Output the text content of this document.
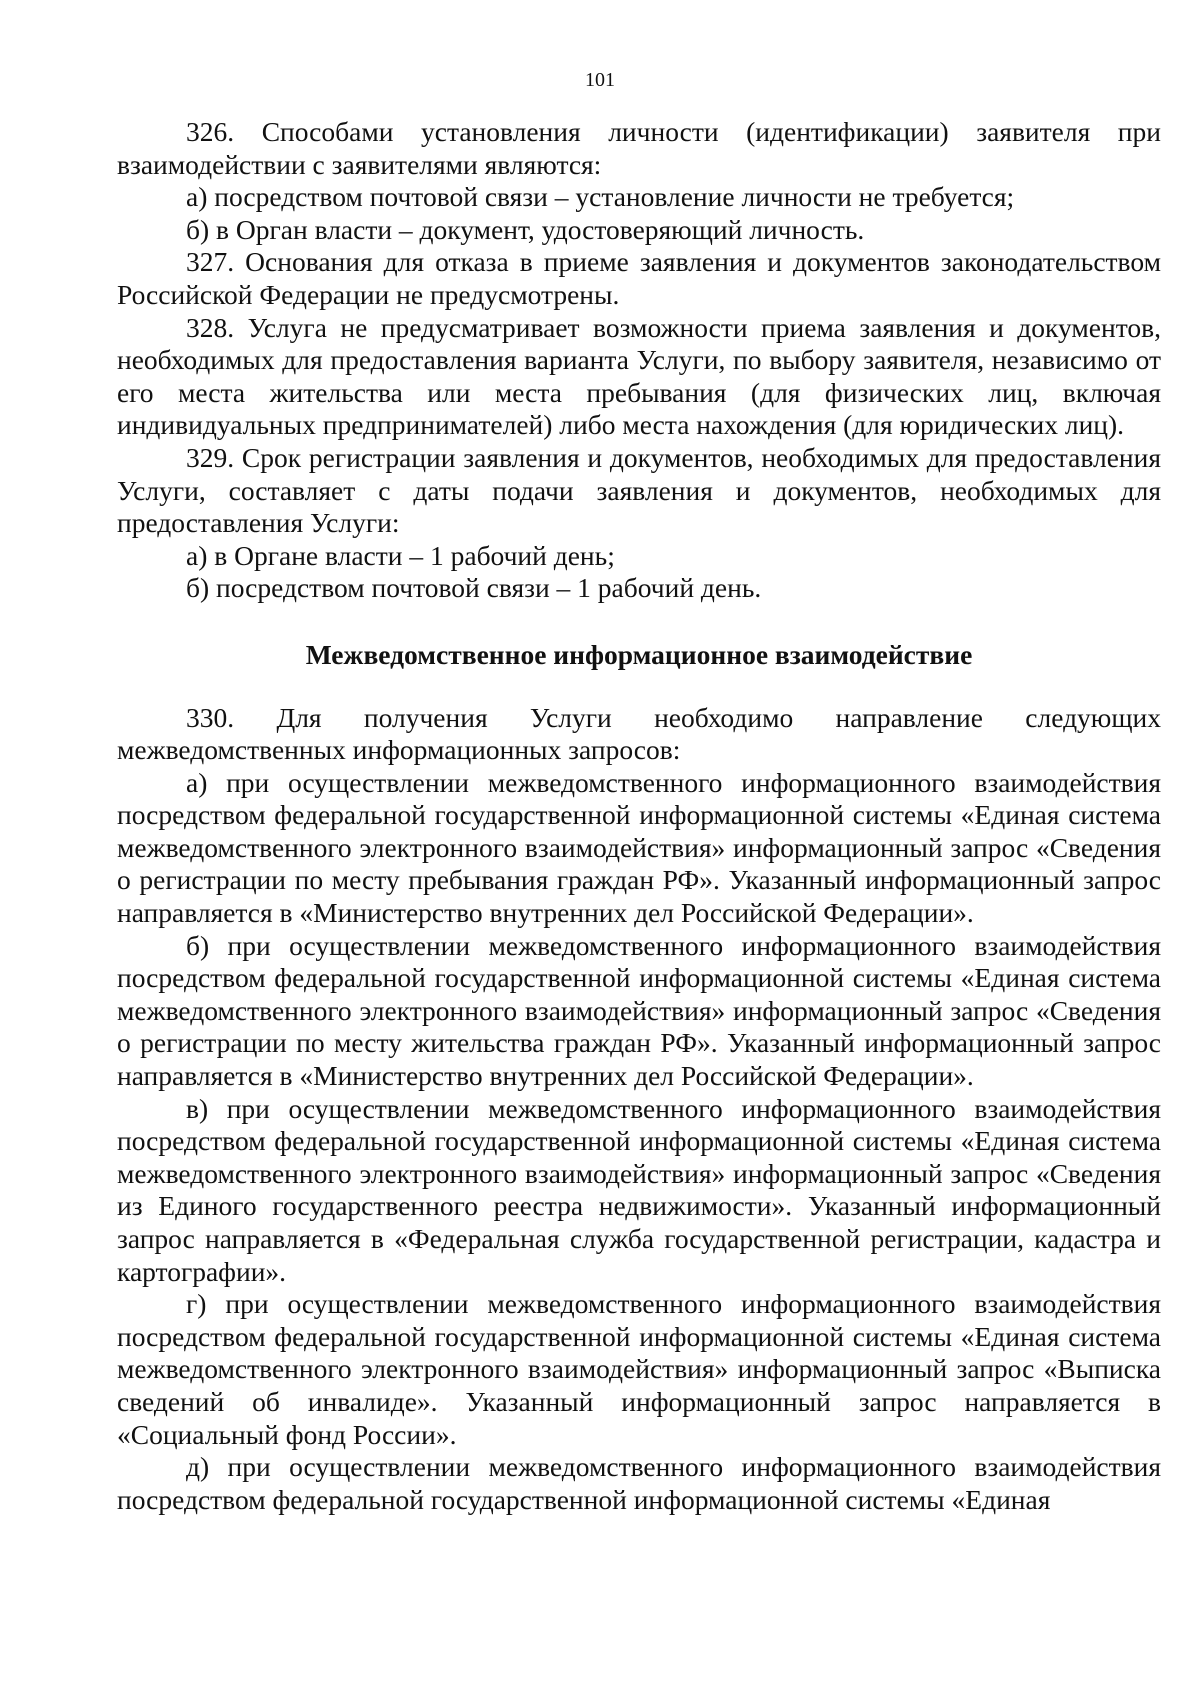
101

326. Способами установления личности (идентификации) заявителя при взаимодействии с заявителями являются:

а) посредством почтовой связи – установление личности не требуется;

б) в Орган власти – документ, удостоверяющий личность.

327. Основания для отказа в приеме заявления и документов законодательством Российской Федерации не предусмотрены.

328. Услуга не предусматривает возможности приема заявления и документов, необходимых для предоставления варианта Услуги, по выбору заявителя, независимо от его места жительства или места пребывания (для физических лиц, включая индивидуальных предпринимателей) либо места нахождения (для юридических лиц).

329. Срок регистрации заявления и документов, необходимых для предоставления Услуги, составляет с даты подачи заявления и документов, необходимых для предоставления Услуги:

а) в Органе власти – 1 рабочий день;

б) посредством почтовой связи – 1 рабочий день.

Межведомственное информационное взаимодействие

330. Для получения Услуги необходимо направление следующих межведомственных информационных запросов:

а) при осуществлении межведомственного информационного взаимодействия посредством федеральной государственной информационной системы «Единая система межведомственного электронного взаимодействия» информационный запрос «Сведения о регистрации по месту пребывания граждан РФ». Указанный информационный запрос направляется в «Министерство внутренних дел Российской Федерации».

б) при осуществлении межведомственного информационного взаимодействия посредством федеральной государственной информационной системы «Единая система межведомственного электронного взаимодействия» информационный запрос «Сведения о регистрации по месту жительства граждан РФ». Указанный информационный запрос направляется в «Министерство внутренних дел Российской Федерации».

в) при осуществлении межведомственного информационного взаимодействия посредством федеральной государственной информационной системы «Единая система межведомственного электронного взаимодействия» информационный запрос «Сведения из Единого государственного реестра недвижимости». Указанный информационный запрос направляется в «Федеральная служба государственной регистрации, кадастра и картографии».

г) при осуществлении межведомственного информационного взаимодействия посредством федеральной государственной информационной системы «Единая система межведомственного электронного взаимодействия» информационный запрос «Выписка сведений об инвалиде». Указанный информационный запрос направляется в «Социальный фонд России».

д) при осуществлении межведомственного информационного взаимодействия посредством федеральной государственной информационной системы «Единая
